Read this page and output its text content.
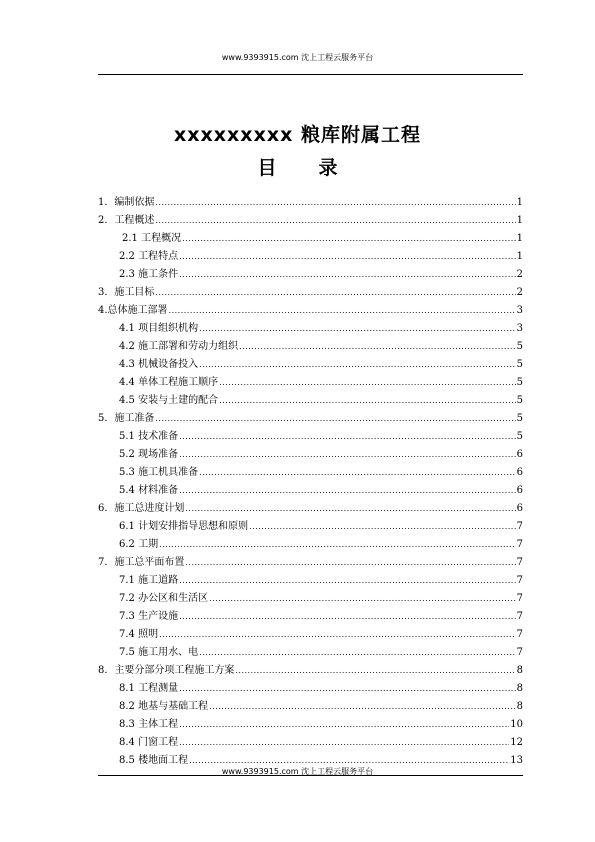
www.9393915.com 沈上工程云服务平台
xxxxxxxxx 粮库附属工程
目 录
1．编制依据 .....	1
2．工程概述 .....	1
2.1 工程概况 .....	1
2.2 工程特点 .....	1
2.3 施工条件 .....	2
3．施工目标 .....	2
4.总体施工部署 .....	3
4.1 项目组织机构 .....	3
4.2 施工部署和劳动力组织 .....	5
4.3 机械设备投入 .....	5
4.4 单体工程施工顺序 .....	5
4.5 安装与土建的配合 .....	5
5．施工准备 .....	5
5.1 技术准备 .....	5
5.2 现场准备 .....	6
5.3 施工机具准备 .....	6
5.4 材料准备 .....	6
6．施工总进度计划 .....	6
6.1 计划安排指导思想和原则 .....	7
6.2 工期 .....	7
7．施工总平面布置 .....	7
7.1 施工道路 .....	7
7.2 办公区和生活区 .....	7
7.3 生产设施 .....	7
7.4 照明 .....	7
7.5 施工用水、电 .....	7
8．主要分部分项工程施工方案 .....	8
8.1 工程测量 .....	8
8.2 地基与基础工程 .....	8
8.3 主体工程 .....	10
8.4 门窗工程 .....	12
8.5 楼地面工程 .....	13
www.9393915.com 沈上工程云服务平台
